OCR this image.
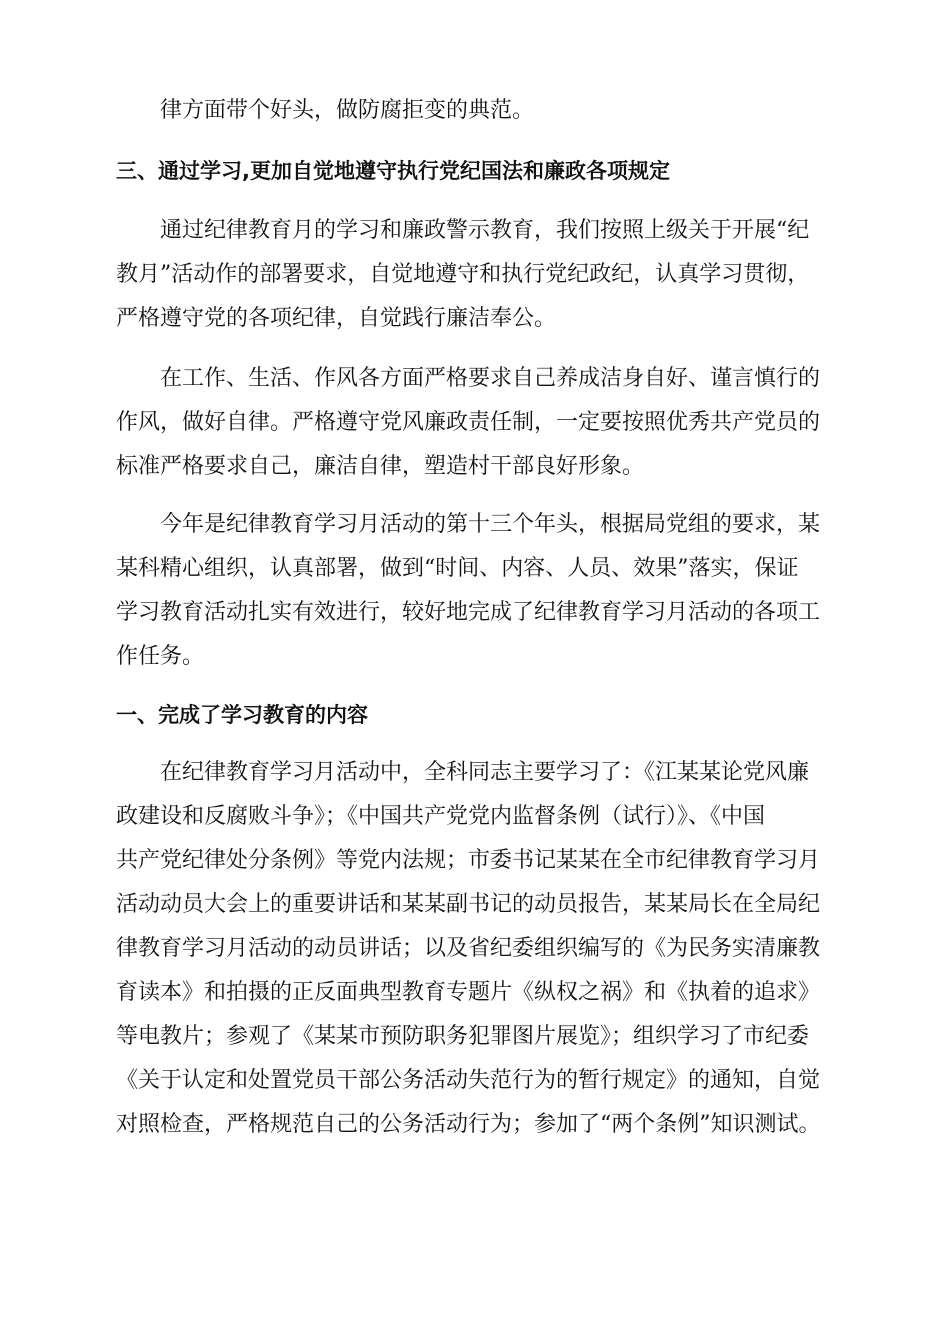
律方面带个好头，做防腐拒变的典范。
三、通过学习,更加自觉地遵守执行党纪国法和廉政各项规定
通过纪律教育月的学习和廉政警示教育，我们按照上级关于开展“纪
教月”活动作的部署要求，自觉地遵守和执行党纪政纪，认真学习贯彻，
严格遵守党的各项纪律，自觉践行廉洁奉公。
在工作、生活、作风各方面严格要求自己养成洁身自好、谨言慎行的
作风，做好自律。严格遵守党风廉政责任制，一定要按照优秀共产党员的
标准严格要求自己，廉洁自律，塑造村干部良好形象。
今年是纪律教育学习月活动的第十三个年头，根据局党组的要求，某
某科精心组织，认真部署，做到“时间、内容、人员、效果”落实，保证
学习教育活动扎实有效进行，较好地完成了纪律教育学习月活动的各项工
作任务。
一、完成了学习教育的内容
在纪律教育学习月活动中，全科同志主要学习了：《江某某论党风廉
政建设和反腐败斗争》；《中国共产党党内监督条例（试行）》、《中国
共产党纪律处分条例》等党内法规；市委书记某某在全市纪律教育学习月
活动动员大会上的重要讲话和某某副书记的动员报告，某某局长在全局纪
律教育学习月活动的动员讲话；以及省纪委组织编写的《为民务实清廉教
育读本》和拍摄的正反面典型教育专题片《纵权之祸》和《执着的追求》
等电教片；参观了《某某市预防职务犯罪图片展览》；组织学习了市纪委
《关于认定和处置党员干部公务活动失范行为的暂行规定》的通知，自觉
对照检查，严格规范自己的公务活动行为；参加了“两个条例”知识测试。
